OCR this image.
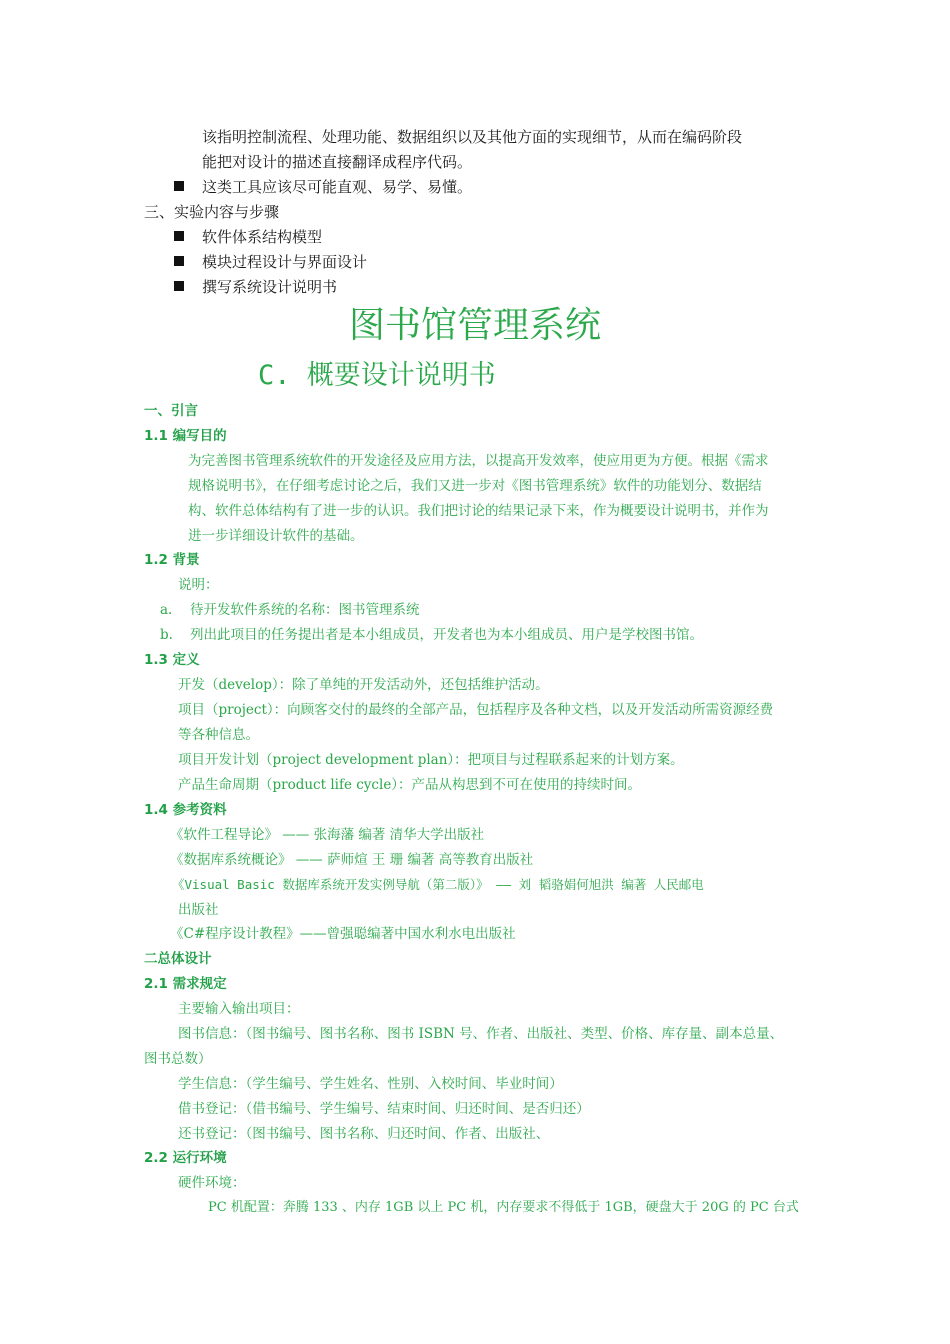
该指明控制流程、处理功能、数据组织以及其他方面的实现细节，从而在编码阶段
能把对设计的描述直接翻译成程序代码。
这类工具应该尽可能直观、易学、易懂。
三、实验内容与步骤
软件体系结构模型
模块过程设计与界面设计
撰写系统设计说明书
图书馆管理系统
C. 概要设计说明书
一、引言
1.1 编写目的
为完善图书管理系统软件的开发途径及应用方法，以提高开发效率，使应用更为方便。根据《需求
规格说明书》，在仔细考虑讨论之后，我们又进一步对《图书管理系统》软件的功能划分、数据结
构、软件总体结构有了进一步的认识。我们把讨论的结果记录下来，作为概要设计说明书，并作为
进一步详细设计软件的基础。
1.2 背景
说明：
a. 待开发软件系统的名称：图书管理系统
b. 列出此项目的任务提出者是本小组成员，开发者也为本小组成员、用户是学校图书馆。
1.3 定义
开发（develop）：除了单纯的开发活动外，还包括维护活动。
项目（project）：向顾客交付的最终的全部产品，包括程序及各种文档，以及开发活动所需资源经费
等各种信息。
项目开发计划（project development plan）：把项目与过程联系起来的计划方案。
产品生命周期（product life cycle）：产品从构思到不可在使用的持续时间。
1.4 参考资料
《软件工程导论》 —— 张海藩 编著 清华大学出版社
《数据库系统概论》 —— 萨师煊 王 珊 编著 高等教育出版社
《Visual Basic 数据库系统开发实例导航（第二版）》 —— 刘 韬骆娟何旭洪 编著 人民邮电
出版社
《C#程序设计教程》——曾强聪编著中国水利水电出版社
二总体设计
2.1 需求规定
主要输入输出项目：
图书信息：（图书编号、图书名称、图书 ISBN 号、作者、出版社、类型、价格、库存量、副本总量、
图书总数）
学生信息：（学生编号、学生姓名、性别、入校时间、毕业时间）
借书登记：（借书编号、学生编号、结束时间、归还时间、是否归还）
还书登记：（图书编号、图书名称、归还时间、作者、出版社、
2.2 运行环境
硬件环境：
PC 机配置：奔腾 133 、内存 1GB 以上 PC 机，内存要求不得低于 1GB，硬盘大于 20G 的 PC 台式
